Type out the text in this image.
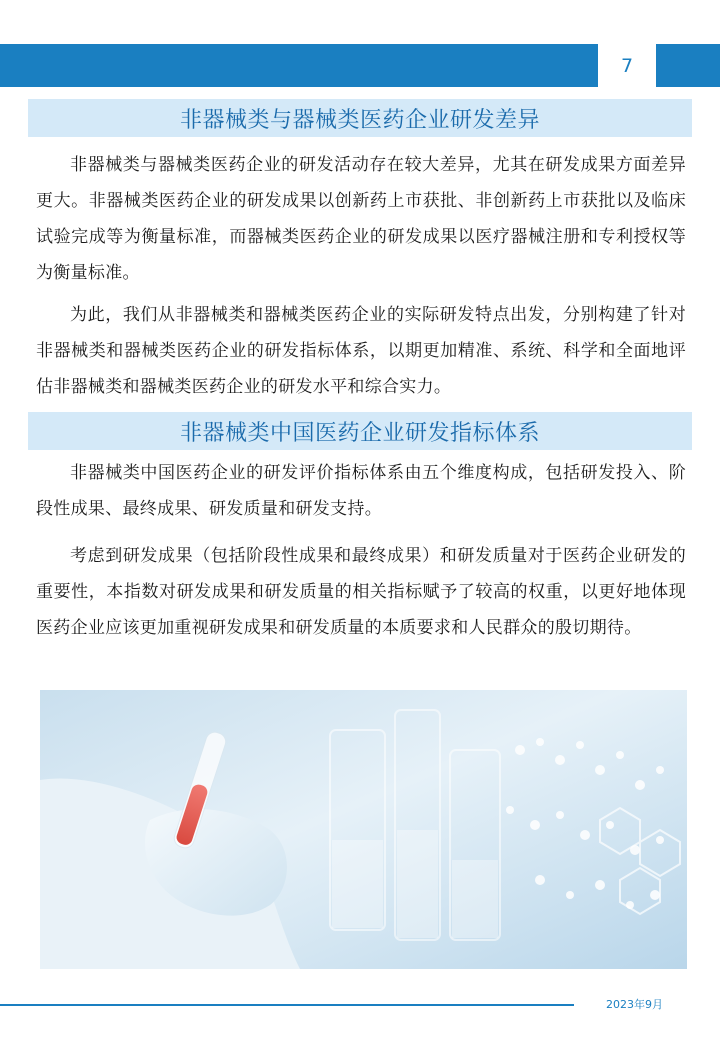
7
非器械类与器械类医药企业研发差异

非器械类与器械类医药企业的研发活动存在较大差异，尤其在研发成果方面差异更大。非器械类医药企业的研发成果以创新药上市获批、非创新药上市获批以及临床试验完成等为衡量标准，而器械类医药企业的研发成果以医疗器械注册和专利授权等为衡量标准。

为此，我们从非器械类和器械类医药企业的实际研发特点出发，分别构建了针对非器械类和器械类医药企业的研发指标体系，以期更加精准、系统、科学和全面地评估非器械类和器械类医药企业的研发水平和综合实力。

非器械类中国医药企业研发指标体系

非器械类中国医药企业的研发评价指标体系由五个维度构成，包括研发投入、阶段性成果、最终成果、研发质量和研发支持。

考虑到研发成果（包括阶段性成果和最终成果）和研发质量对于医药企业研发的重要性，本指数对研发成果和研发质量的相关指标赋予了较高的权重，以更好地体现医药企业应该更加重视研发成果和研发质量的本质要求和人民群众的殷切期待。

2023年9月
